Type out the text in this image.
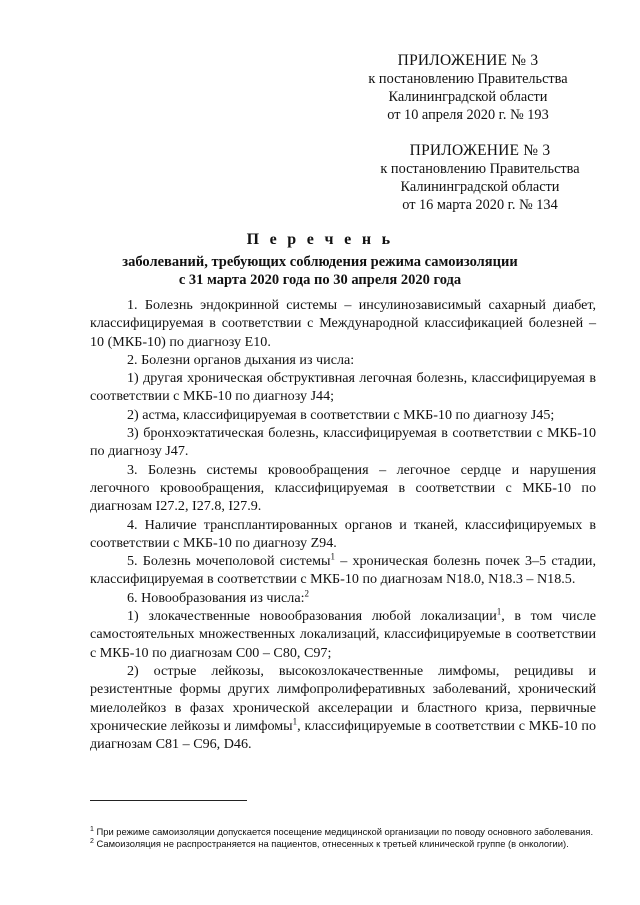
ПРИЛОЖЕНИЕ № 3
к постановлению Правительства
Калининградской области
от 10 апреля 2020 г. № 193
ПРИЛОЖЕНИЕ № 3
к постановлению Правительства
Калининградской области
от 16 марта 2020 г. № 134
П е р е ч е н ь
заболеваний, требующих соблюдения режима самоизоляции
с 31 марта 2020 года по 30 апреля 2020 года

1. Болезнь эндокринной системы – инсулинозависимый сахарный диабет, классифицируемая в соответствии с Международной классификацией болезней – 10 (МКБ-10) по диагнозу E10.

2. Болезни органов дыхания из числа:

1) другая хроническая обструктивная легочная болезнь, классифицируемая в соответствии с МКБ-10 по диагнозу J44;

2) астма, классифицируемая в соответствии с МКБ-10 по диагнозу J45;

3) бронхоэктатическая болезнь, классифицируемая в соответствии с МКБ-10 по диагнозу J47.

3. Болезнь системы кровообращения – легочное сердце и нарушения легочного кровообращения, классифицируемая в соответствии с МКБ-10 по диагнозам I27.2, I27.8, I27.9.

4. Наличие трансплантированных органов и тканей, классифицируемых в соответствии с МКБ-10 по диагнозу Z94.

5. Болезнь мочеполовой системы$^1$ – хроническая болезнь почек 3–5 стадии, классифицируемая в соответствии с МКБ-10 по диагнозам N18.0, N18.3 – N18.5.

6. Новообразования из числа:$^2$

1) злокачественные новообразования любой локализации$^1$, в том числе самостоятельных множественных локализаций, классифицируемые в соответствии с МКБ-10 по диагнозам C00 – C80, C97;

2) острые лейкозы, высокозлокачественные лимфомы, рецидивы и резистентные формы других лимфопролиферативных заболеваний, хронический миелолейкоз в фазах хронической акселерации и бластного криза, первичные хронические лейкозы и лимфомы$^1$, классифицируемые в соответствии с МКБ-10 по диагнозам C81 – C96, D46.

$^1$ При режиме самоизоляции допускается посещение медицинской организации по поводу основного заболевания.

$^2$ Самоизоляция не распространяется на пациентов, отнесенных к третьей клинической группе (в онкологии).
